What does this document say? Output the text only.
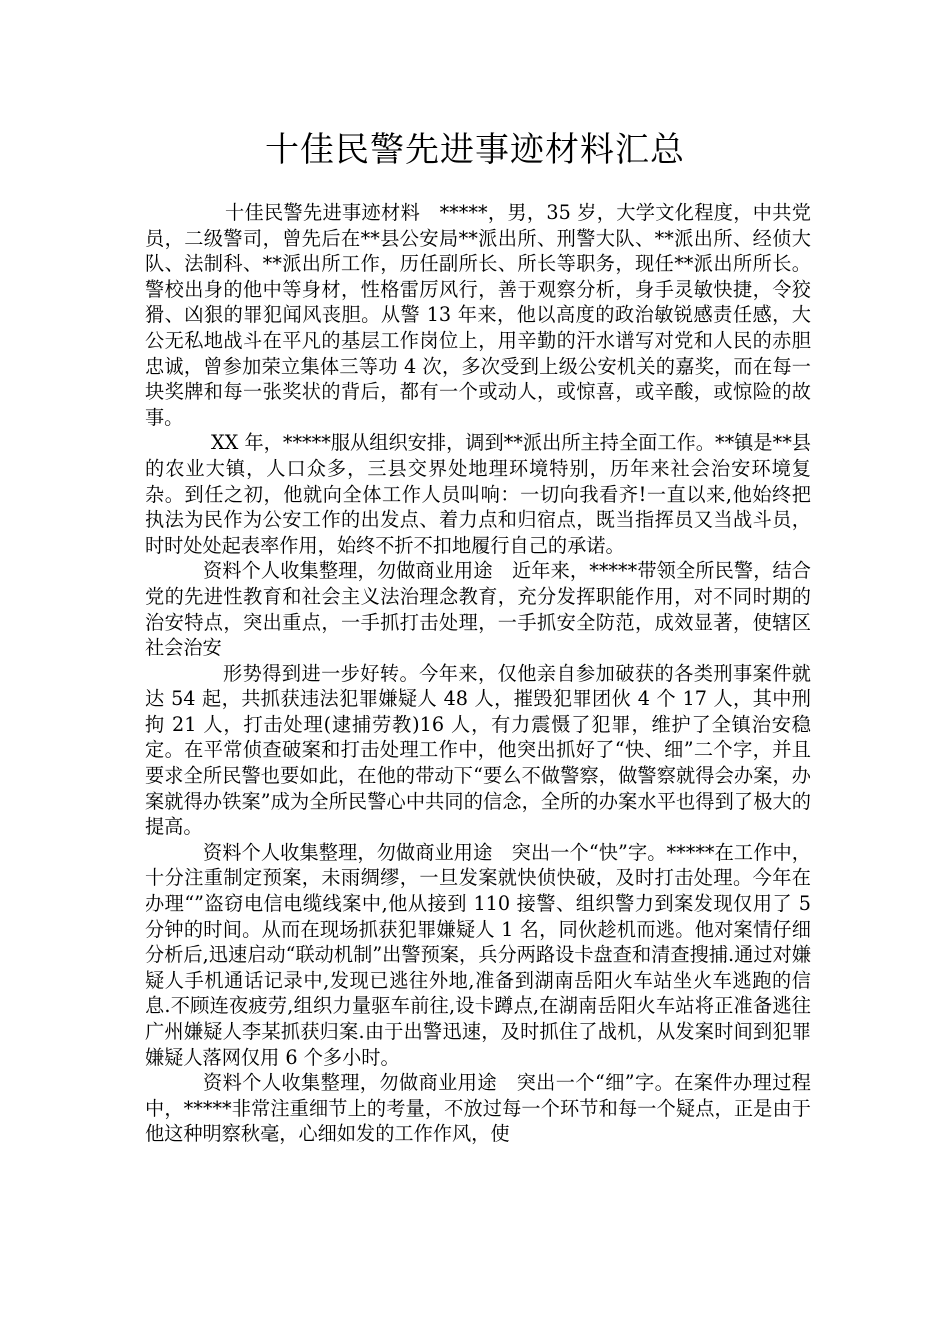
十佳民警先进事迹材料汇总

十佳民警先进事迹材料　*****，男，35 岁，大学文化程度，中共党员，二级警司，曾先后在**县公安局**派出所、刑警大队、**派出所、经侦大队、法制科、**派出所工作，历任副所长、所长等职务，现任**派出所所长。警校出身的他中等身材，性格雷厉风行，善于观察分析，身手灵敏快捷，令狡猾、凶狠的罪犯闻风丧胆。从警 13 年来，他以高度的政治敏锐感责任感，大公无私地战斗在平凡的基层工作岗位上，用辛勤的汗水谱写对党和人民的赤胆忠诚，曾参加荣立集体三等功 4 次，多次受到上级公安机关的嘉奖，而在每一块奖牌和每一张奖状的背后，都有一个或动人，或惊喜，或辛酸，或惊险的故事。

XX 年，*****服从组织安排，调到**派出所主持全面工作。**镇是**县的农业大镇，人口众多，三县交界处地理环境特别，历年来社会治安环境复杂。到任之初，他就向全体工作人员叫响：一切向我看齐!一直以来,他始终把执法为民作为公安工作的出发点、着力点和归宿点，既当指挥员又当战斗员，时时处处起表率作用，始终不折不扣地履行自己的承诺。

资料个人收集整理，勿做商业用途　近年来，*****带领全所民警，结合党的先进性教育和社会主义法治理念教育，充分发挥职能作用，对不同时期的治安特点，突出重点，一手抓打击处理，一手抓安全防范，成效显著，使辖区社会治安

形势得到进一步好转。今年来，仅他亲自参加破获的各类刑事案件就达 54 起，共抓获违法犯罪嫌疑人 48 人，摧毁犯罪团伙 4 个 17 人，其中刑拘 21 人，打击处理(逮捕劳教)16 人，有力震慑了犯罪，维护了全镇治安稳定。在平常侦查破案和打击处理工作中，他突出抓好了“快、细”二个字，并且要求全所民警也要如此，在他的带动下“要么不做警察，做警察就得会办案，办案就得办铁案”成为全所民警心中共同的信念，全所的办案水平也得到了极大的提高。

资料个人收集整理，勿做商业用途　突出一个“快”字。*****在工作中，十分注重制定预案，未雨绸缪，一旦发案就快侦快破，及时打击处理。今年在办理“”盗窃电信电缆线案中,他从接到 110 接警、组织警力到案发现仅用了 5 分钟的时间。从而在现场抓获犯罪嫌疑人 1 名，同伙趁机而逃。他对案情仔细分析后,迅速启动“联动机制”出警预案，兵分两路设卡盘查和清查搜捕.通过对嫌疑人手机通话记录中,发现已逃往外地,准备到湖南岳阳火车站坐火车逃跑的信息.不顾连夜疲劳,组织力量驱车前往,设卡蹲点,在湖南岳阳火车站将正准备逃往广州嫌疑人李某抓获归案.由于出警迅速，及时抓住了战机，从发案时间到犯罪嫌疑人落网仅用 6 个多小时。

资料个人收集整理，勿做商业用途　突出一个“细”字。在案件办理过程中，*****非常注重细节上的考量，不放过每一个环节和每一个疑点，正是由于他这种明察秋毫，心细如发的工作作风，使
